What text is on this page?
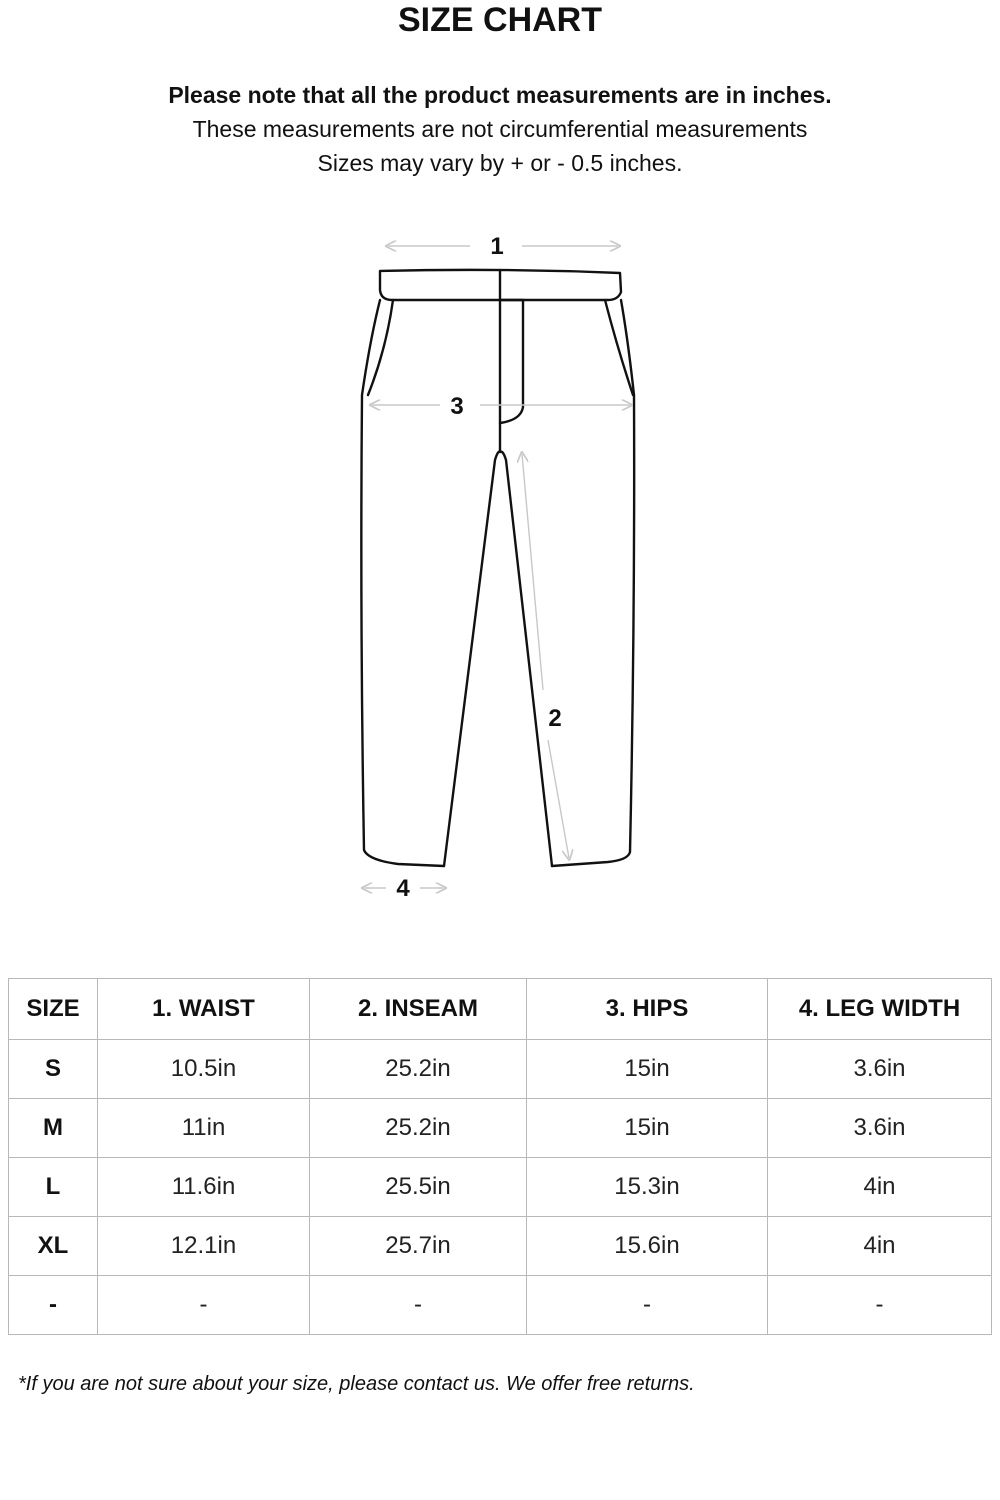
SIZE CHART
Please note that all the product measurements are in inches.
These measurements are not circumferential measurements
Sizes may vary by + or - 0.5 inches.
1
3
2
4
SIZE	1. WAIST	2. INSEAM	3. HIPS	4. LEG WIDTH
S	10.5in	25.2in	15in	3.6in
M	11in	25.2in	15in	3.6in
L	11.6in	25.5in	15.3in	4in
XL	12.1in	25.7in	15.6in	4in
-	-	-	-	-
*If you are not sure about your size, please contact us. We offer free returns.
